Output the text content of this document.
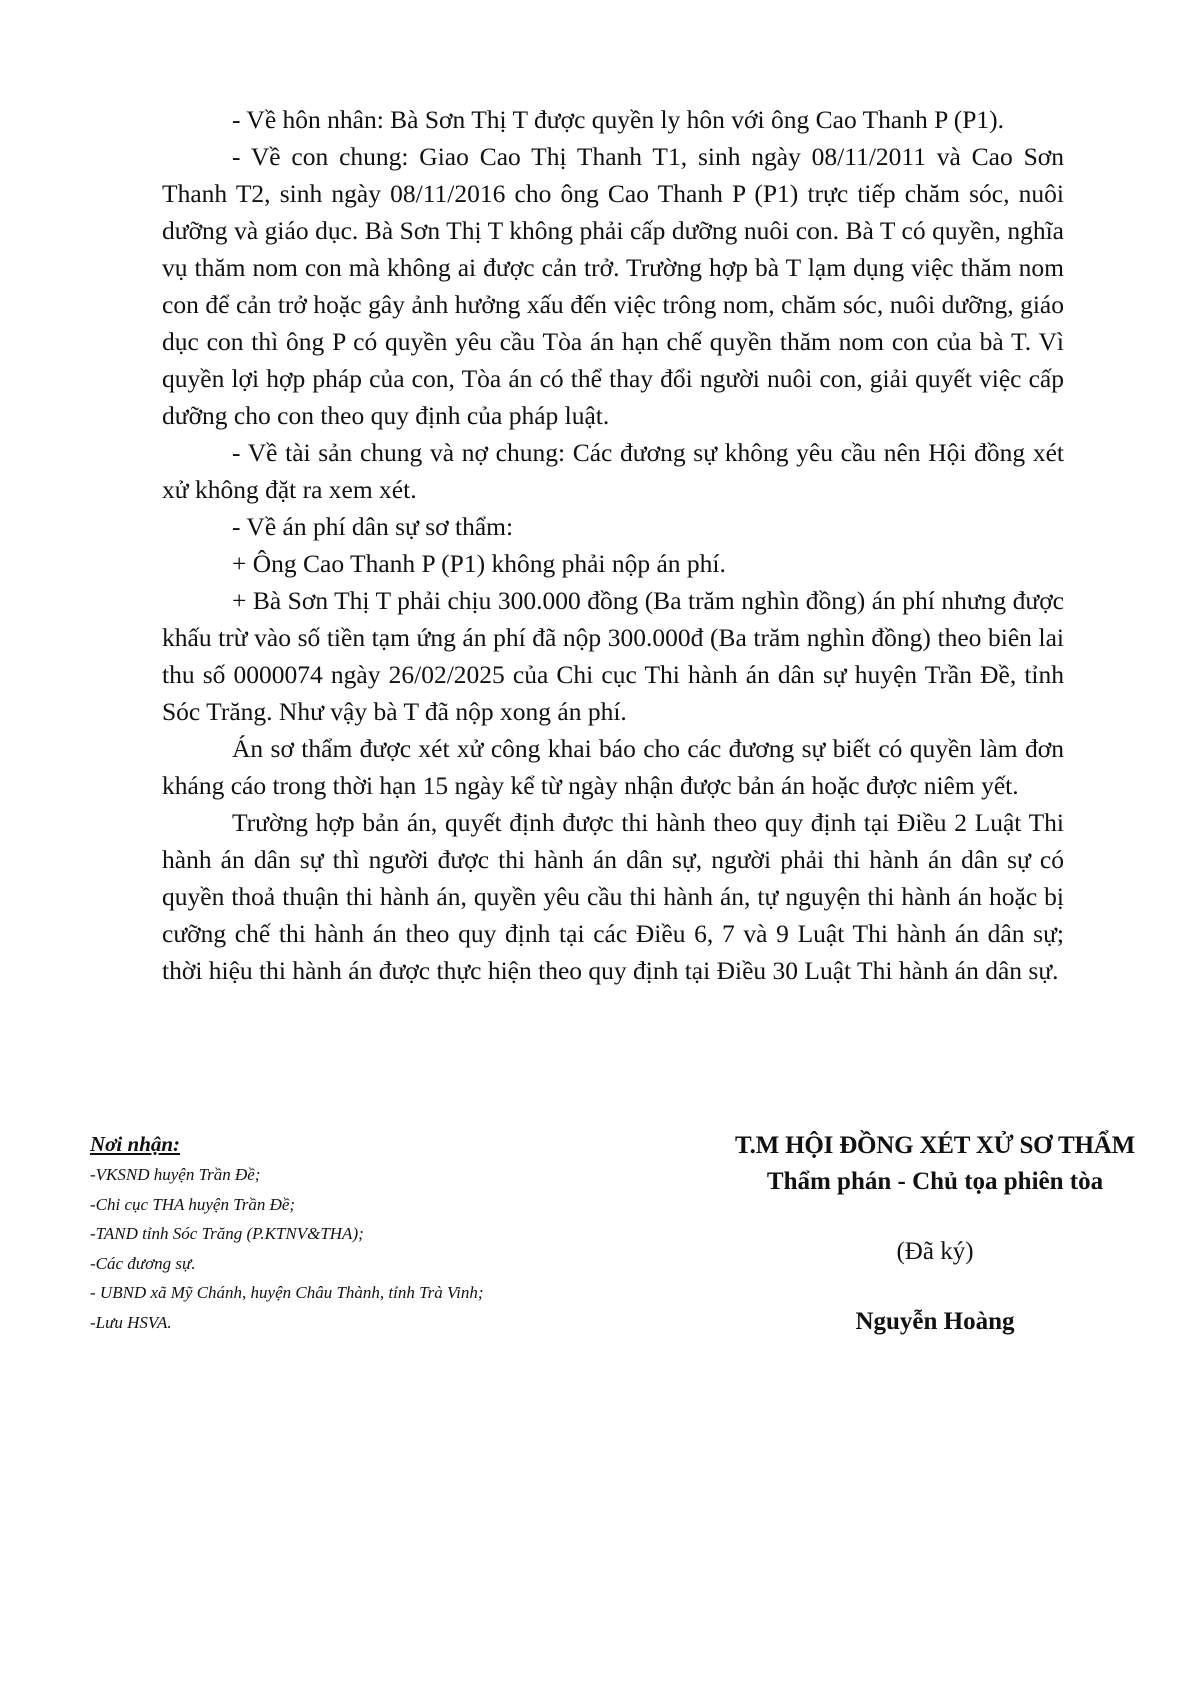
- Về hôn nhân: Bà Sơn Thị T được quyền ly hôn với ông Cao Thanh P (P1).

- Về con chung: Giao Cao Thị Thanh T1, sinh ngày 08/11/2011 và Cao Sơn Thanh T2, sinh ngày 08/11/2016 cho ông Cao Thanh P (P1) trực tiếp chăm sóc, nuôi dưỡng và giáo dục. Bà Sơn Thị T không phải cấp dưỡng nuôi con. Bà T có quyền, nghĩa vụ thăm nom con mà không ai được cản trở. Trường hợp bà T lạm dụng việc thăm nom con để cản trở hoặc gây ảnh hưởng xấu đến việc trông nom, chăm sóc, nuôi dưỡng, giáo dục con thì ông P có quyền yêu cầu Tòa án hạn chế quyền thăm nom con của bà T. Vì quyền lợi hợp pháp của con, Tòa án có thể thay đổi người nuôi con, giải quyết việc cấp dưỡng cho con theo quy định của pháp luật.

- Về tài sản chung và nợ chung: Các đương sự không yêu cầu nên Hội đồng xét xử không đặt ra xem xét.

- Về án phí dân sự sơ thẩm:

+ Ông Cao Thanh P (P1) không phải nộp án phí.

+ Bà Sơn Thị T phải chịu 300.000 đồng (Ba trăm nghìn đồng) án phí nhưng được khấu trừ vào số tiền tạm ứng án phí đã nộp 300.000đ (Ba trăm nghìn đồng) theo biên lai thu số 0000074 ngày 26/02/2025 của Chi cục Thi hành án dân sự huyện Trần Đề, tỉnh Sóc Trăng. Như vậy bà T đã nộp xong án phí.

Án sơ thẩm được xét xử công khai báo cho các đương sự biết có quyền làm đơn kháng cáo trong thời hạn 15 ngày kể từ ngày nhận được bản án hoặc được niêm yết.

Trường hợp bản án, quyết định được thi hành theo quy định tại Điều 2 Luật Thi hành án dân sự thì người được thi hành án dân sự, người phải thi hành án dân sự có quyền thoả thuận thi hành án, quyền yêu cầu thi hành án, tự nguyện thi hành án hoặc bị cưỡng chế thi hành án theo quy định tại các Điều 6, 7 và 9 Luật Thi hành án dân sự; thời hiệu thi hành án được thực hiện theo quy định tại Điều 30 Luật Thi hành án dân sự.

Nơi nhận:
-VKSND huyện Trần Đề;
-Chi cục THA huyện Trần Đề;
-TAND tỉnh Sóc Trăng (P.KTNV&THA);
-Các đương sự.
- UBND xã Mỹ Chánh, huyện Châu Thành, tỉnh Trà Vinh;
-Lưu HSVA.
T.M HỘI ĐỒNG XÉT XỬ SƠ THẨM
Thẩm phán - Chủ tọa phiên tòa
(Đã ký)
Nguyễn Hoàng
